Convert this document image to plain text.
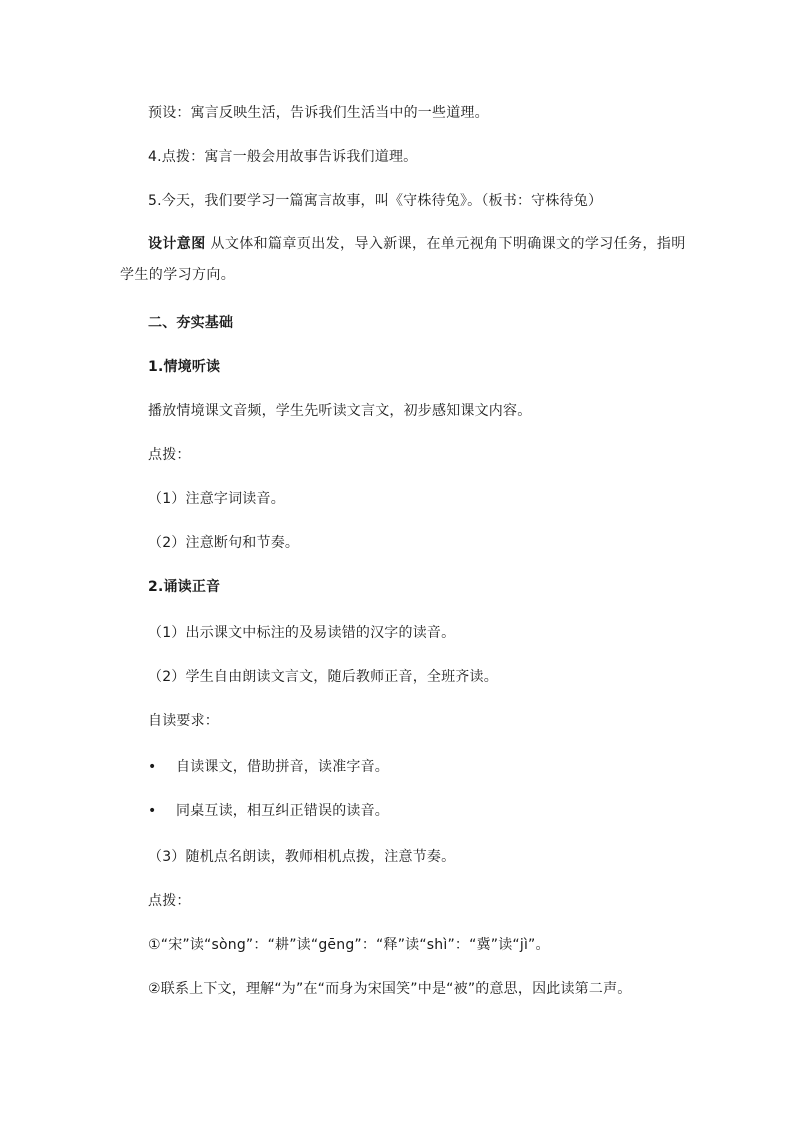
预设：寓言反映生活，告诉我们生活当中的一些道理。
4.点拨：寓言一般会用故事告诉我们道理。
5.今天，我们要学习一篇寓言故事，叫《守株待兔》。（板书：守株待兔）
设计意图 从文体和篇章页出发，导入新课，在单元视角下明确课文的学习任务，指明
学生的学习方向。
二、夯实基础
1.情境听读
播放情境课文音频，学生先听读文言文，初步感知课文内容。
点拨：
（1）注意字词读音。
（2）注意断句和节奏。
2.诵读正音
（1）出示课文中标注的及易读错的汉字的读音。
（2）学生自由朗读文言文，随后教师正音，全班齐读。
自读要求：
• 自读课文，借助拼音，读准字音。
• 同桌互读，相互纠正错误的读音。
（3）随机点名朗读，教师相机点拨，注意节奏。
点拨：
①“宋”读“sòng”：“耕”读“gēng”：“释”读“shì”：“冀”读“jì”。
②联系上下文，理解“为”在“而身为宋国笑”中是“被”的意思，因此读第二声。
